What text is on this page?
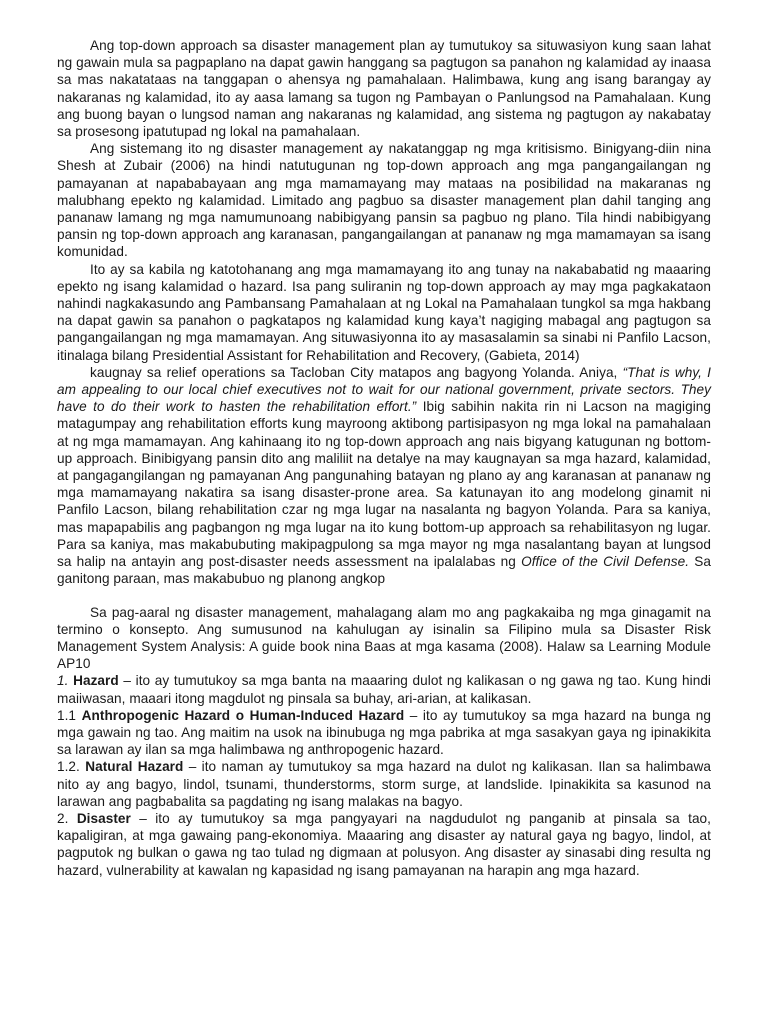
Ang top-down approach sa disaster management plan ay tumutukoy sa situwasiyon kung saan lahat ng gawain mula sa pagpaplano na dapat gawin hanggang sa pagtugon sa panahon ng kalamidad ay inaasa sa mas nakatataas na tanggapan o ahensya ng pamahalaan. Halimbawa, kung ang isang barangay ay nakaranas ng kalamidad, ito ay aasa lamang sa tugon ng Pambayan o Panlungsod na Pamahalaan. Kung ang buong bayan o lungsod naman ang nakaranas ng kalamidad, ang sistema ng pagtugon ay nakabatay sa prosesong ipatutupad ng lokal na pamahalaan.

Ang sistemang ito ng disaster management ay nakatanggap ng mga kritisismo. Binigyang-diin nina Shesh at Zubair (2006) na hindi natutugunan ng top-down approach ang mga pangangailangan ng pamayanan at napababayaan ang mga mamamayang may mataas na posibilidad na makaranas ng malubhang epekto ng kalamidad. Limitado ang pagbuo sa disaster management plan dahil tanging ang pananaw lamang ng mga namumunoang nabibigyang pansin sa pagbuo ng plano. Tila hindi nabibigyang pansin ng top-down approach ang karanasan, pangangailangan at pananaw ng mga mamamayan sa isang komunidad.

Ito ay sa kabila ng katotohanang ang mga mamamayang ito ang tunay na nakababatid ng maaaring epekto ng isang kalamidad o hazard. Isa pang suliranin ng top-down approach ay may mga pagkakataon nahindi nagkakasundo ang Pambansang Pamahalaan at ng Lokal na Pamahalaan tungkol sa mga hakbang na dapat gawin sa panahon o pagkatapos ng kalamidad kung kaya’t nagiging mabagal ang pagtugon sa pangangailangan ng mga mamamayan. Ang situwasiyonna ito ay masasalamin sa sinabi ni Panfilo Lacson, itinalaga bilang Presidential Assistant for Rehabilitation and Recovery, (Gabieta, 2014)

kaugnay sa relief operations sa Tacloban City matapos ang bagyong Yolanda. Aniya, “That is why, I am appealing to our local chief executives not to wait for our national government, private sectors. They have to do their work to hasten the rehabilitation effort.” Ibig sabihin nakita rin ni Lacson na magiging matagumpay ang rehabilitation efforts kung mayroong aktibong partisipasyon ng mga lokal na pamahalaan at ng mga mamamayan. Ang kahinaang ito ng top-down approach ang nais bigyang katugunan ng bottom-up approach. Binibigyang pansin dito ang maliliit na detalye na may kaugnayan sa mga hazard, kalamidad, at pangagangilangan ng pamayanan Ang pangunahing batayan ng plano ay ang karanasan at pananaw ng mga mamamayang nakatira sa isang disaster-prone area. Sa katunayan ito ang modelong ginamit ni Panfilo Lacson, bilang rehabilitation czar ng mga lugar na nasalanta ng bagyon Yolanda. Para sa kaniya, mas mapapabilis ang pagbangon ng mga lugar na ito kung bottom-up approach sa rehabilitasyon ng lugar. Para sa kaniya, mas makabubuting makipagpulong sa mga mayor ng mga nasalantang bayan at lungsod sa halip na antayin ang post-disaster needs assessment na ipalalabas ng Office of the Civil Defense. Sa ganitong paraan, mas makabubuo ng planong angkop

Sa pag-aaral ng disaster management, mahalagang alam mo ang pagkakaiba ng mga ginagamit na termino o konsepto. Ang sumusunod na kahulugan ay isinalin sa Filipino mula sa Disaster Risk Management System Analysis: A guide book nina Baas at mga kasama (2008). Halaw sa Learning Module AP10

1. Hazard – ito ay tumutukoy sa mga banta na maaaring dulot ng kalikasan o ng gawa ng tao. Kung hindi maiiwasan, maaari itong magdulot ng pinsala sa buhay, ari-arian, at kalikasan.

1.1 Anthropogenic Hazard o Human-Induced Hazard – ito ay tumutukoy sa mga hazard na bunga ng mga gawain ng tao. Ang maitim na usok na ibinubuga ng mga pabrika at mga sasakyan gaya ng ipinakikita sa larawan ay ilan sa mga halimbawa ng anthropogenic hazard.

1.2. Natural Hazard – ito naman ay tumutukoy sa mga hazard na dulot ng kalikasan. Ilan sa halimbawa nito ay ang bagyo, lindol, tsunami, thunderstorms, storm surge, at landslide. Ipinakikita sa kasunod na larawan ang pagbabalita sa pagdating ng isang malakas na bagyo.

2. Disaster – ito ay tumutukoy sa mga pangyayari na nagdudulot ng panganib at pinsala sa tao, kapaligiran, at mga gawaing pang-ekonomiya. Maaaring ang disaster ay natural gaya ng bagyo, lindol, at pagputok ng bulkan o gawa ng tao tulad ng digmaan at polusyon. Ang disaster ay sinasabi ding resulta ng hazard, vulnerability at kawalan ng kapasidad ng isang pamayanan na harapin ang mga hazard.
